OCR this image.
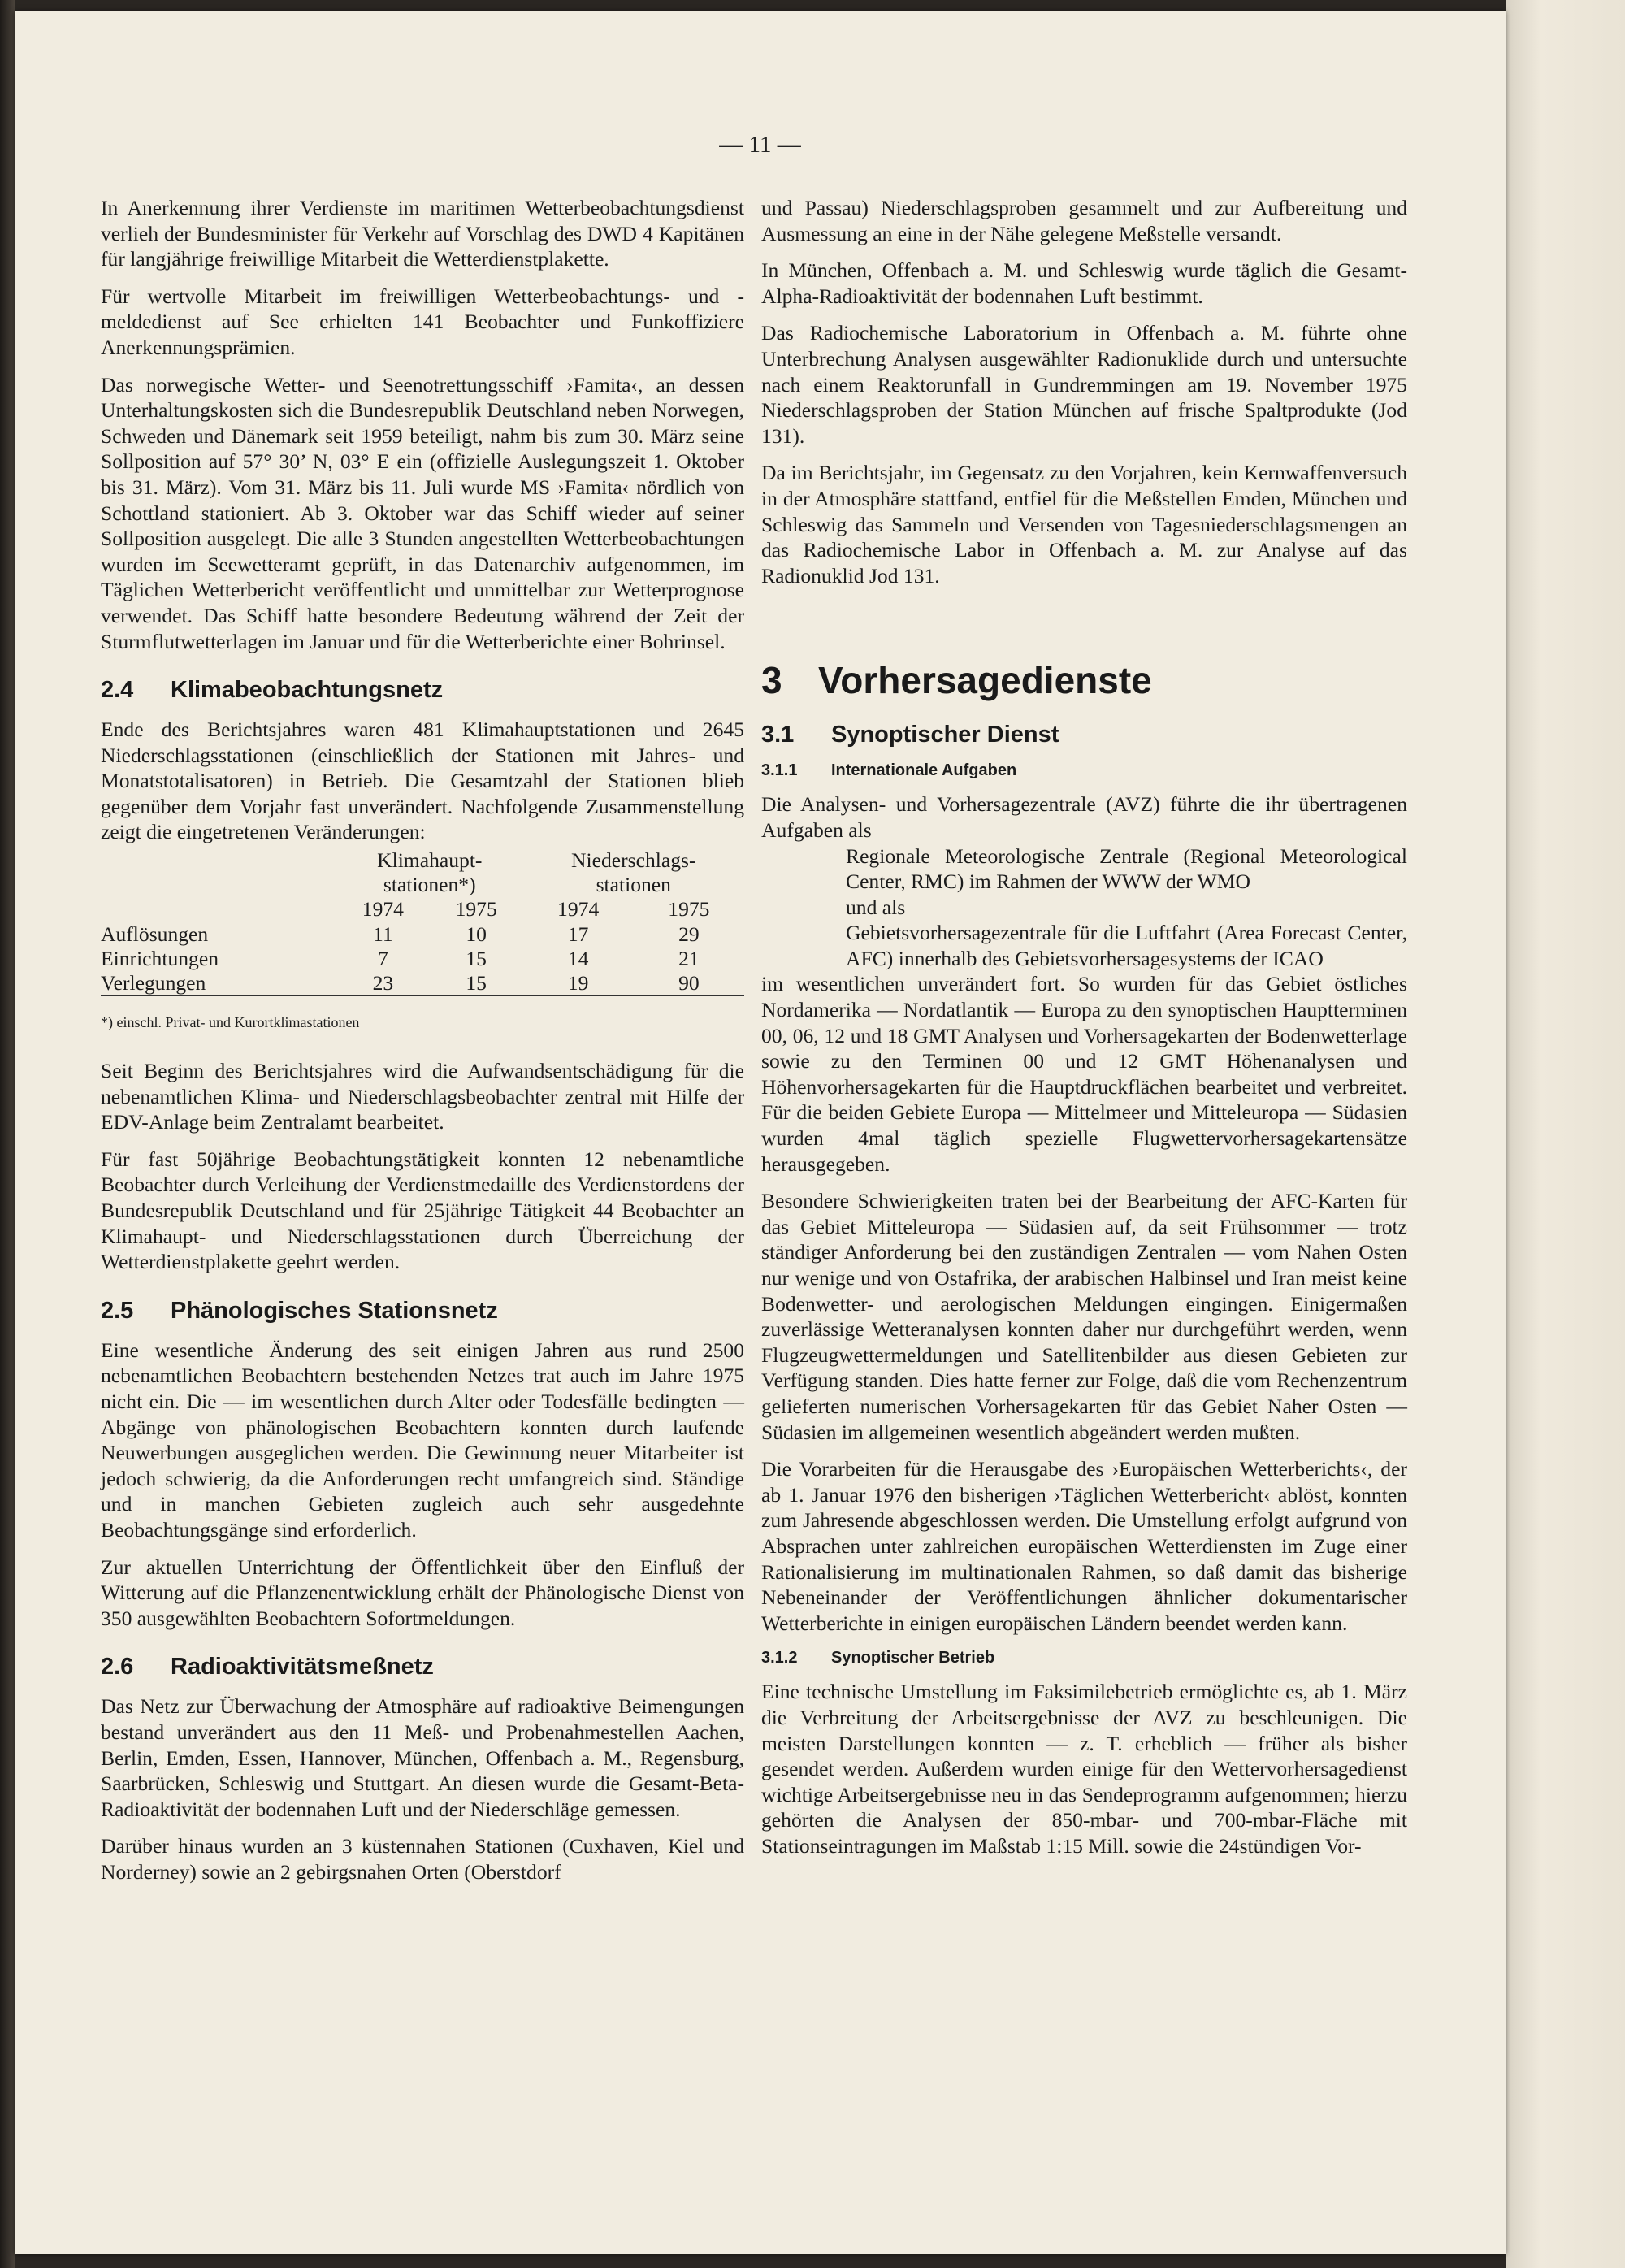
— 11 —

In Anerkennung ihrer Verdienste im maritimen Wetterbeobachtungsdienst verlieh der Bundesminister für Verkehr auf Vorschlag des DWD 4 Kapitänen für langjährige freiwillige Mitarbeit die Wetterdienstplakette.

Für wertvolle Mitarbeit im freiwilligen Wetterbeobachtungs- und -meldedienst auf See erhielten 141 Beobachter und Funkoffiziere Anerkennungsprämien.

Das norwegische Wetter- und Seenotrettungsschiff ›Famita‹, an dessen Unterhaltungskosten sich die Bundesrepublik Deutschland neben Norwegen, Schweden und Dänemark seit 1959 beteiligt, nahm bis zum 30. März seine Sollposition auf 57° 30’ N, 03° E ein (offizielle Auslegungszeit 1. Oktober bis 31. März). Vom 31. März bis 11. Juli wurde MS ›Famita‹ nördlich von Schottland stationiert. Ab 3. Oktober war das Schiff wieder auf seiner Sollposition ausgelegt. Die alle 3 Stunden angestellten Wetterbeobachtungen wurden im Seewetteramt geprüft, in das Datenarchiv aufgenommen, im Täglichen Wetterbericht veröffentlicht und unmittelbar zur Wetterprognose verwendet. Das Schiff hatte besondere Bedeutung während der Zeit der Sturmflutwetterlagen im Januar und für die Wetterberichte einer Bohrinsel.

2.4	Klimabeobachtungsnetz

Ende des Berichtsjahres waren 481 Klimahauptstationen und 2645 Niederschlagsstationen (einschließlich der Stationen mit Jahres- und Monatstotalisatoren) in Betrieb. Die Gesamtzahl der Stationen blieb gegenüber dem Vorjahr fast unverändert. Nachfolgende Zusammenstellung zeigt die eingetretenen Veränderungen:

	Klimahaupt-		Niederschlags-	
	stationen*)		stationen	
	1974	1975	1974	1975
Auflösungen	11	10	17	29
Einrichtungen	7	15	14	21
Verlegungen	23	15	19	90

*) einschl. Privat- und Kurortklimastationen

Seit Beginn des Berichtsjahres wird die Aufwandsentschädigung für die nebenamtlichen Klima- und Niederschlagsbeobachter zentral mit Hilfe der EDV-Anlage beim Zentralamt bearbeitet.

Für fast 50jährige Beobachtungstätigkeit konnten 12 nebenamtliche Beobachter durch Verleihung der Verdienstmedaille des Verdienstordens der Bundesrepublik Deutschland und für 25jährige Tätigkeit 44 Beobachter an Klimahaupt- und Niederschlagsstationen durch Überreichung der Wetterdienstplakette geehrt werden.

2.5	Phänologisches Stationsnetz

Eine wesentliche Änderung des seit einigen Jahren aus rund 2500 nebenamtlichen Beobachtern bestehenden Netzes trat auch im Jahre 1975 nicht ein. Die — im wesentlichen durch Alter oder Todesfälle bedingten — Abgänge von phänologischen Beobachtern konnten durch laufende Neuwerbungen ausgeglichen werden. Die Gewinnung neuer Mitarbeiter ist jedoch schwierig, da die Anforderungen recht umfangreich sind. Ständige und in manchen Gebieten zugleich auch sehr ausgedehnte Beobachtungsgänge sind erforderlich.

Zur aktuellen Unterrichtung der Öffentlichkeit über den Einfluß der Witterung auf die Pflanzenentwicklung erhält der Phänologische Dienst von 350 ausgewählten Beobachtern Sofortmeldungen.

2.6	Radioaktivitätsmeßnetz

Das Netz zur Überwachung der Atmosphäre auf radioaktive Beimengungen bestand unverändert aus den 11 Meß- und Probenahmestellen Aachen, Berlin, Emden, Essen, Hannover, München, Offenbach a. M., Regensburg, Saarbrücken, Schleswig und Stuttgart. An diesen wurde die Gesamt-Beta-Radioaktivität der bodennahen Luft und der Niederschläge gemessen.

Darüber hinaus wurden an 3 küstennahen Stationen (Cuxhaven, Kiel und Norderney) sowie an 2 gebirgsnahen Orten (Oberstdorf

und Passau) Niederschlagsproben gesammelt und zur Aufbereitung und Ausmessung an eine in der Nähe gelegene Meßstelle versandt.

In München, Offenbach a. M. und Schleswig wurde täglich die Gesamt-Alpha-Radioaktivität der bodennahen Luft bestimmt.

Das Radiochemische Laboratorium in Offenbach a. M. führte ohne Unterbrechung Analysen ausgewählter Radionuklide durch und untersuchte nach einem Reaktorunfall in Gundremmingen am 19. November 1975 Niederschlagsproben der Station München auf frische Spaltprodukte (Jod 131).

Da im Berichtsjahr, im Gegensatz zu den Vorjahren, kein Kernwaffenversuch in der Atmosphäre stattfand, entfiel für die Meßstellen Emden, München und Schleswig das Sammeln und Versenden von Tagesniederschlagsmengen an das Radiochemische Labor in Offenbach a. M. zur Analyse auf das Radionuklid Jod 131.

3 Vorhersagedienste
3.1	Synoptischer Dienst
3.1.1	Internationale Aufgaben

Die Analysen- und Vorhersagezentrale (AVZ) führte die ihr übertragenen Aufgaben als

Regionale Meteorologische Zentrale (Regional Meteorological Center, RMC) im Rahmen der WWW der WMO
und als
Gebietsvorhersagezentrale für die Luftfahrt (Area Forecast Center, AFC) innerhalb des Gebietsvorhersagesystems der ICAO

im wesentlichen unverändert fort. So wurden für das Gebiet östliches Nordamerika — Nordatlantik — Europa zu den synoptischen Hauptterminen 00, 06, 12 und 18 GMT Analysen und Vorhersagekarten der Bodenwetterlage sowie zu den Terminen 00 und 12 GMT Höhenanalysen und Höhenvorhersagekarten für die Hauptdruckflächen bearbeitet und verbreitet. Für die beiden Gebiete Europa — Mittelmeer und Mitteleuropa — Südasien wurden 4mal täglich spezielle Flugwettervorhersagekartensätze herausgegeben.

Besondere Schwierigkeiten traten bei der Bearbeitung der AFC-Karten für das Gebiet Mitteleuropa — Südasien auf, da seit Frühsommer — trotz ständiger Anforderung bei den zuständigen Zentralen — vom Nahen Osten nur wenige und von Ostafrika, der arabischen Halbinsel und Iran meist keine Bodenwetter- und aerologischen Meldungen eingingen. Einigermaßen zuverlässige Wetteranalysen konnten daher nur durchgeführt werden, wenn Flugzeugwettermeldungen und Satellitenbilder aus diesen Gebieten zur Verfügung standen. Dies hatte ferner zur Folge, daß die vom Rechenzentrum gelieferten numerischen Vorhersagekarten für das Gebiet Naher Osten — Südasien im allgemeinen wesentlich abgeändert werden mußten.

Die Vorarbeiten für die Herausgabe des ›Europäischen Wetterberichts‹, der ab 1. Januar 1976 den bisherigen ›Täglichen Wetterbericht‹ ablöst, konnten zum Jahresende abgeschlossen werden. Die Umstellung erfolgt aufgrund von Absprachen unter zahlreichen europäischen Wetterdiensten im Zuge einer Rationalisierung im multinationalen Rahmen, so daß damit das bisherige Nebeneinander der Veröffentlichungen ähnlicher dokumentarischer Wetterberichte in einigen europäischen Ländern beendet werden kann.

3.1.2	Synoptischer Betrieb

Eine technische Umstellung im Faksimilebetrieb ermöglichte es, ab 1. März die Verbreitung der Arbeitsergebnisse der AVZ zu beschleunigen. Die meisten Darstellungen konnten — z. T. erheblich — früher als bisher gesendet werden. Außerdem wurden einige für den Wettervorhersagedienst wichtige Arbeitsergebnisse neu in das Sendeprogramm aufgenommen; hierzu gehörten die Analysen der 850-mbar- und 700-mbar-Fläche mit Stationseintragungen im Maßstab 1:15 Mill. sowie die 24stündigen Vor-
